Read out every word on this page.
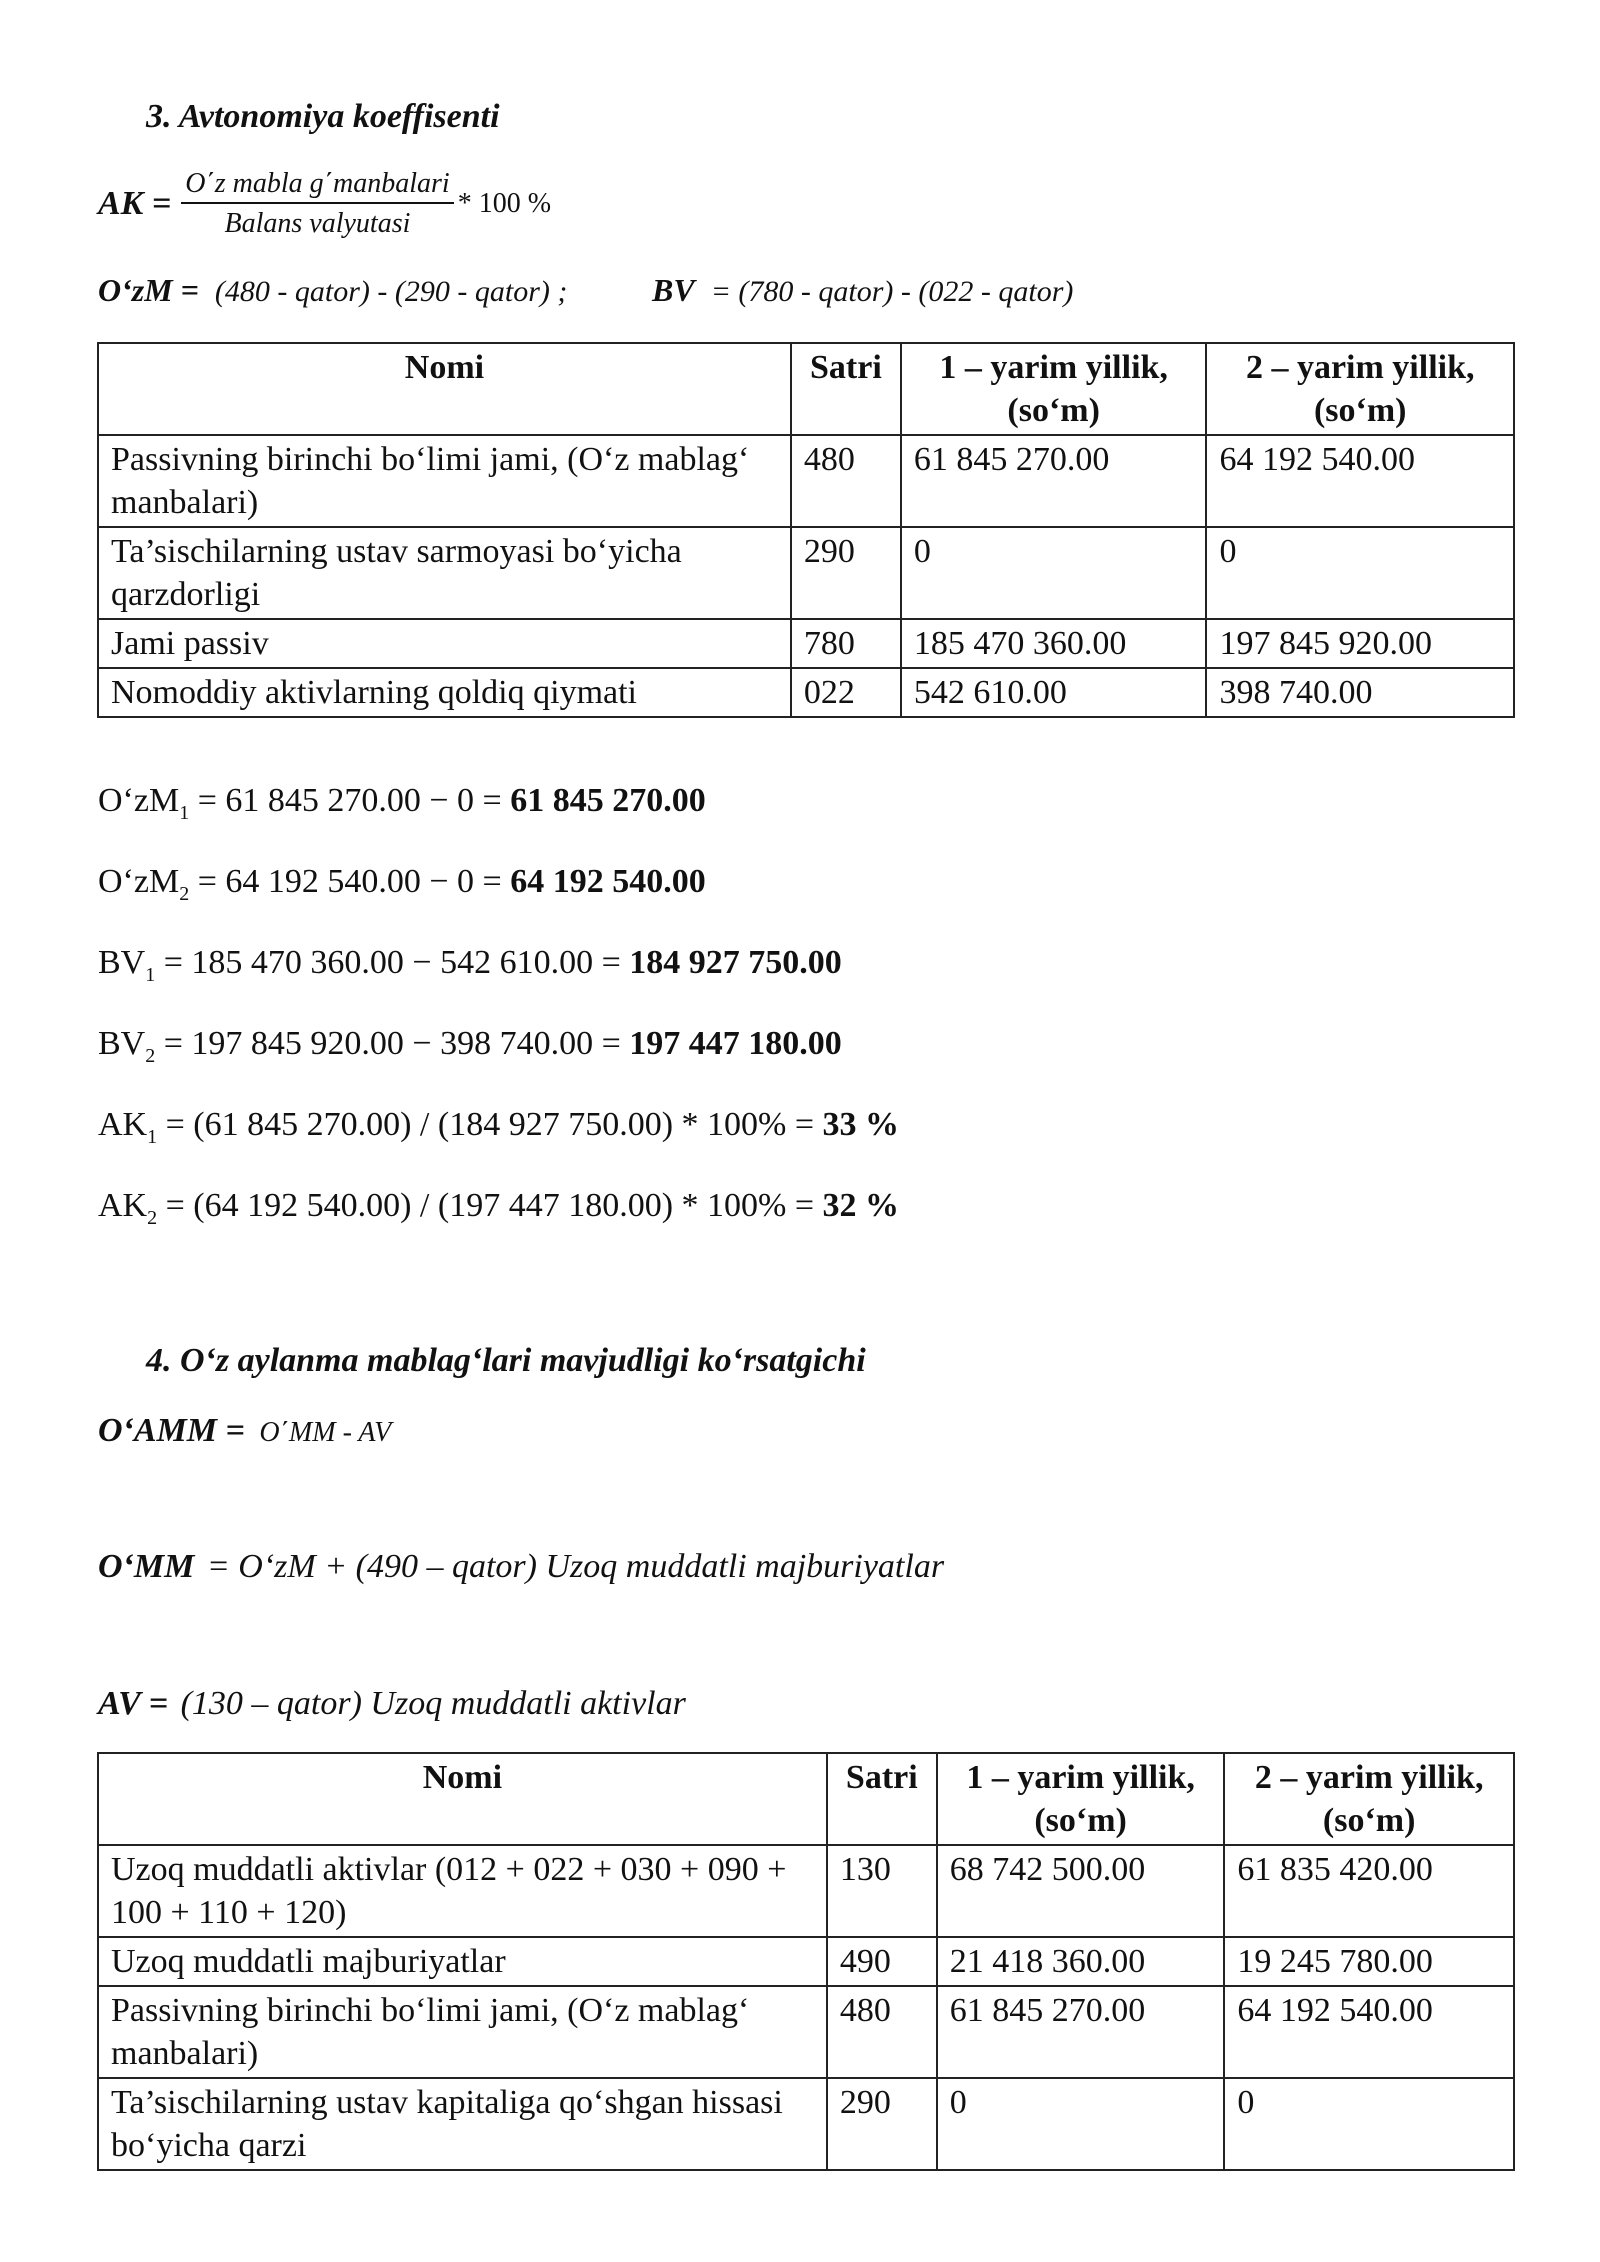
3. Avtonomiya koeffisenti
AK = $\frac{\text{O΄z mabla g΄manbalari}}{\text{Balans valyutasi}} * 100$ %
O‘zM = (480 - qator) - (290 - qator) ;	BV = (780 - qator) - (022 - qator)
Nomi	Satri	1 – yarim yillik, (so‘m)	2 – yarim yillik, (so‘m)
Passivning birinchi bo‘limi jami, (O‘z mablag‘ manbalari)	480	61 845 270.00	64 192 540.00
Ta’sischilarning ustav sarmoyasi bo‘yicha qarzdorligi	290	0	0
Jami passiv	780	185 470 360.00	197 845 920.00
Nomoddiy aktivlarning qoldiq qiymati	022	542 610.00	398 740.00
$O‘zM_1 = 61$ 845 270.00 − 0 = 61 845 270.00
$O‘zM_2 = 64$ 192 540.00 − 0 = 64 192 540.00
$BV_1 = 185$ 470 360.00 − 542 610.00 = 184 927 750.00
$BV_2 = 197$ 845 920.00 − 398 740.00 = 197 447 180.00
$AK_1 = (61$ 845 270.00) / (184 927 750.00) * 100% = 33 %
$AK_2 = (64$ 192 540.00) / (197 447 180.00) * 100% = 32 %
4. O‘z aylanma mablag‘lari mavjudligi ko‘rsatgichi
O‘AMM = O΄MM - AV
O‘MM = O‘zM + (490 – qator) Uzoq muddatli majburiyatlar
AV = (130 – qator) Uzoq muddatli aktivlar
Nomi	Satri	1 – yarim yillik, (so‘m)	2 – yarim yillik, (so‘m)
Uzoq muddatli aktivlar (012 + 022 + 030 + 090 + 100 + 110 + 120)	130	68 742 500.00	61 835 420.00
Uzoq muddatli majburiyatlar	490	21 418 360.00	19 245 780.00
Passivning birinchi bo‘limi jami, (O‘z mablag‘ manbalari)	480	61 845 270.00	64 192 540.00
Ta’sischilarning ustav kapitaliga qo‘shgan hissasi bo‘yicha qarzi	290	0	0
